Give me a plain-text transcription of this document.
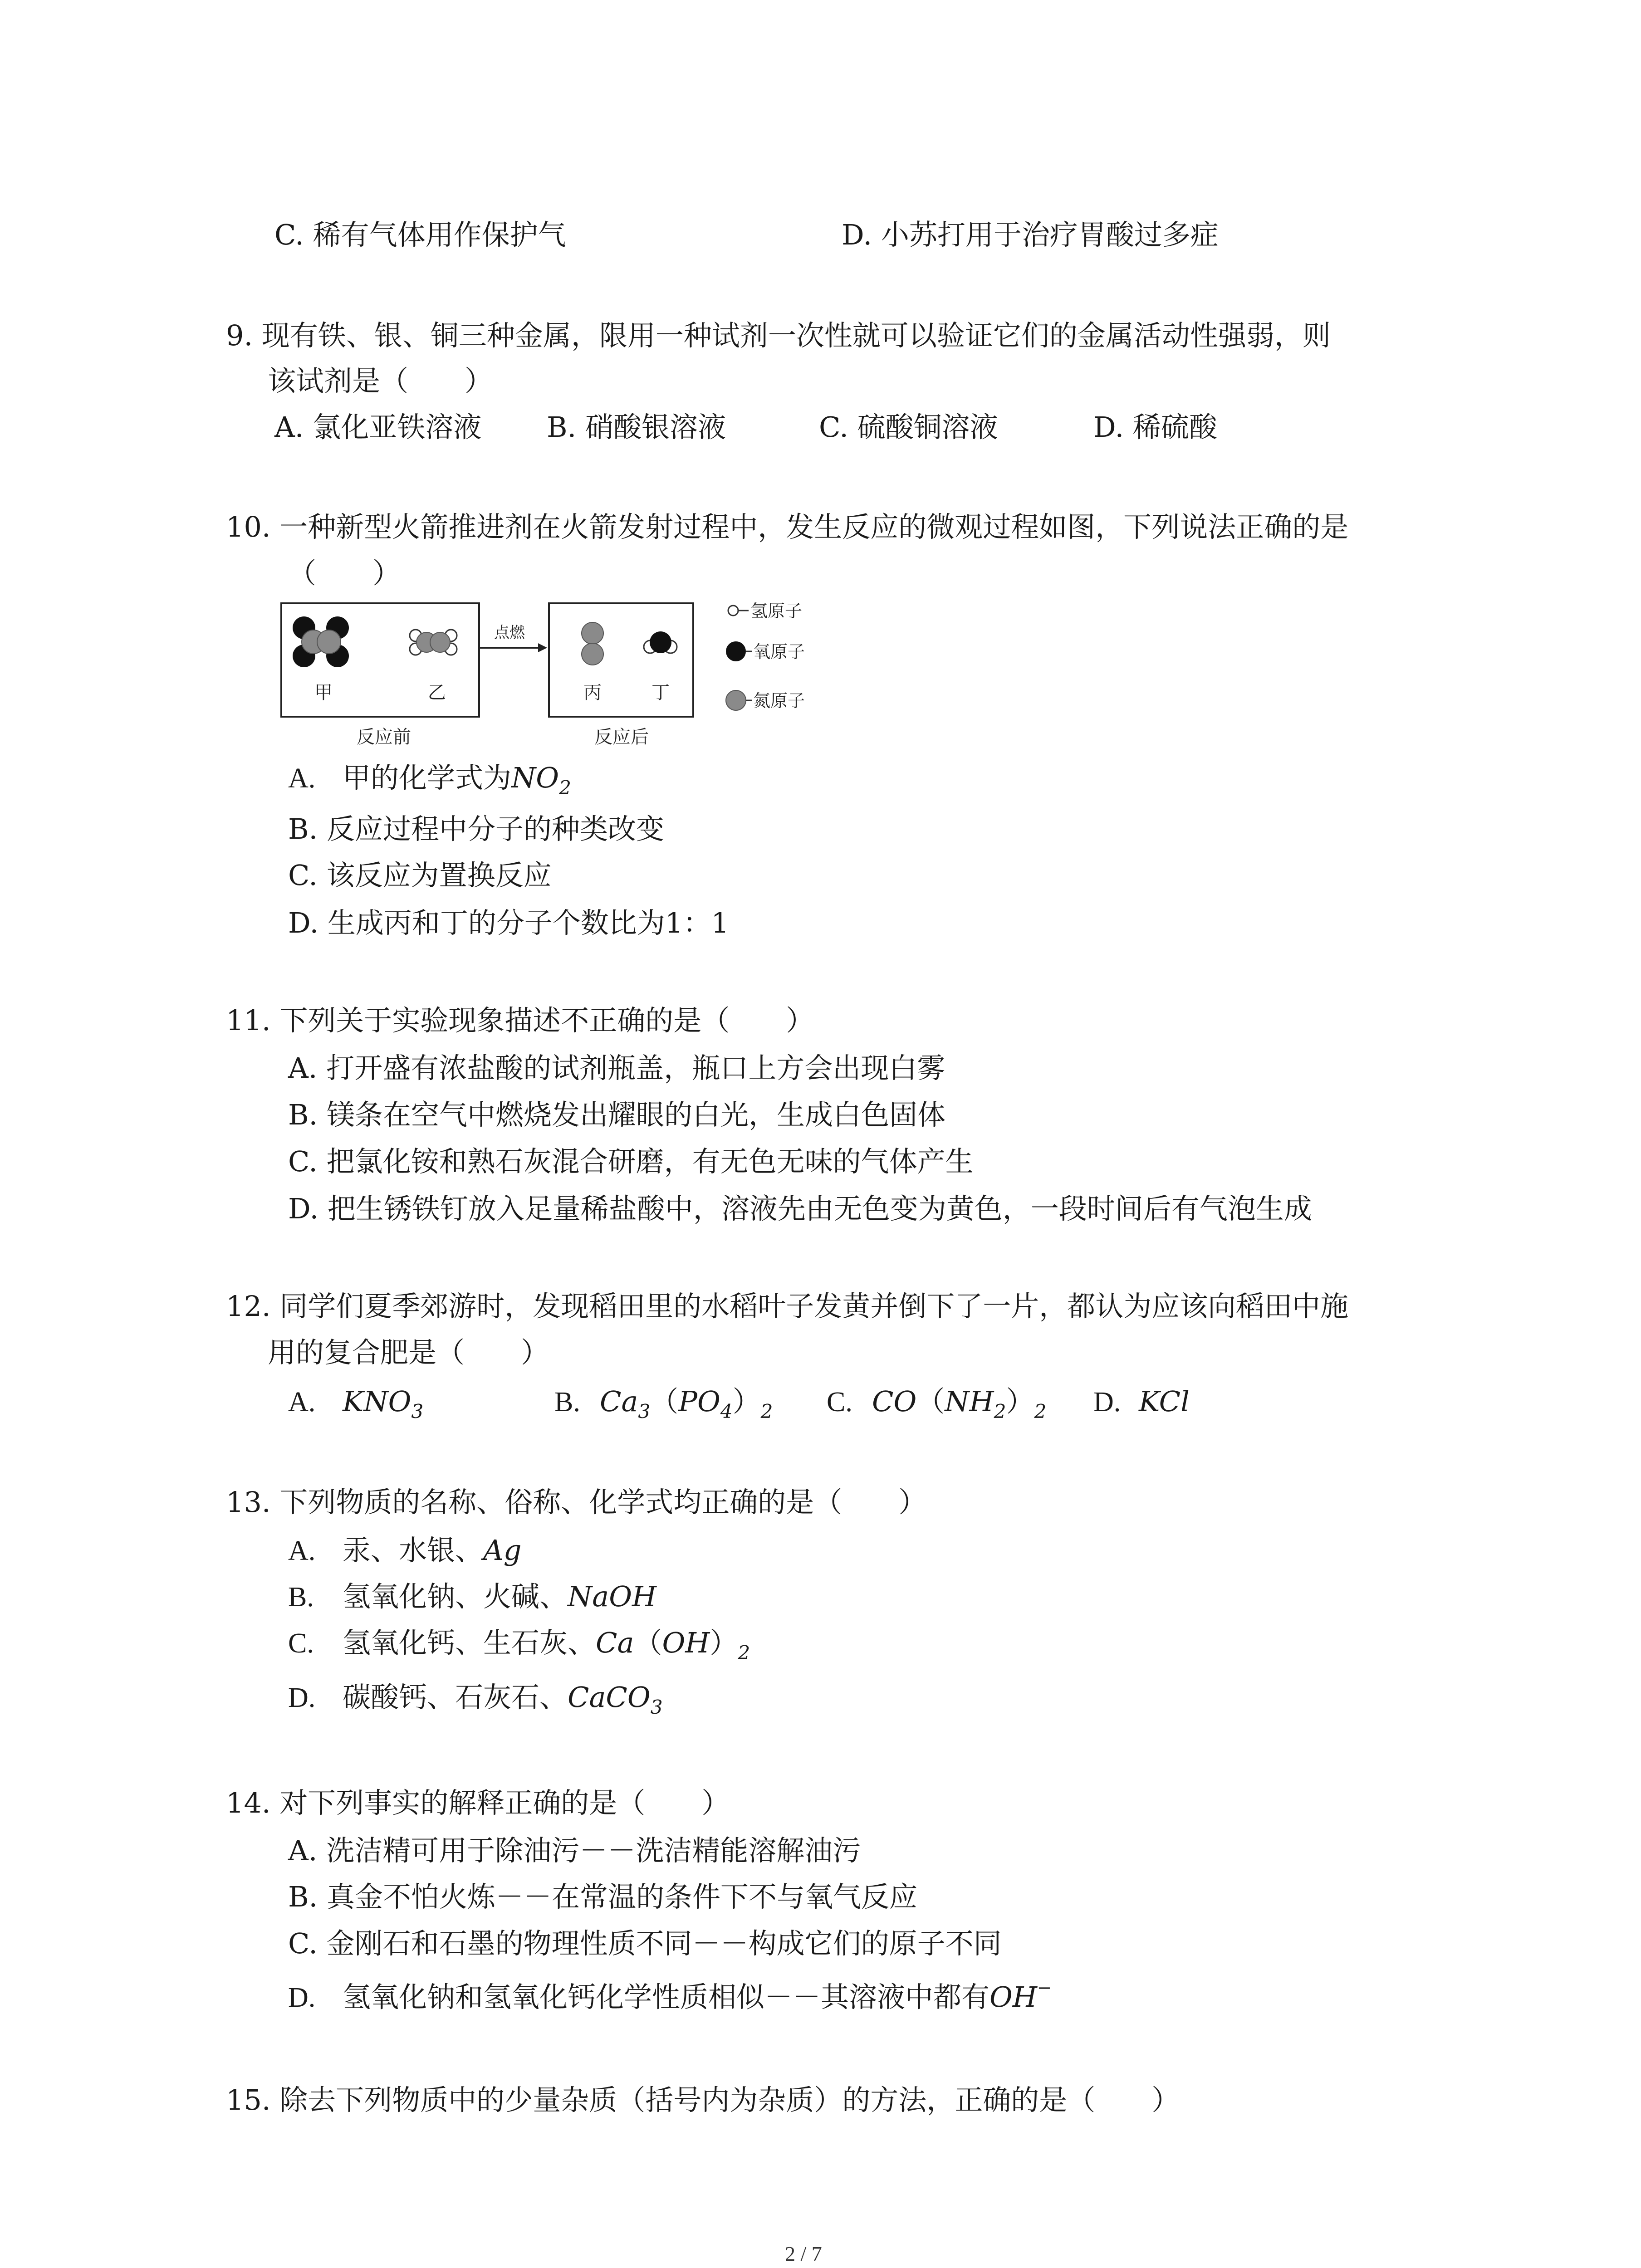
C. 稀有气体用作保护气	D. 小苏打用于治疗胃酸过多症
9. 现有铁、银、铜三种金属，限用一种试剂一次性就可以验证它们的金属活动性强弱，则
该试剂是（　　）
A. 氯化亚铁溶液 B. 硝酸银溶液	C. 硫酸铜溶液	D. 稀硫酸
10. 一种新型火箭推进剂在火箭发射过程中，发生反应的微观过程如图，下列说法正确的是
（　　）
甲	乙
点燃
丙	丁
反应前	反应后
氢原子
氧原子
氮原子
A. 甲的化学式为$NO_2$
B. 反应过程中分子的种类改变
C. 该反应为置换反应
D. 生成丙和丁的分子个数比为1：1
11. 下列关于实验现象描述不正确的是（　　）
A. 打开盛有浓盐酸的试剂瓶盖，瓶口上方会出现白雾
B. 镁条在空气中燃烧发出耀眼的白光，生成白色固体
C. 把氯化铵和熟石灰混合研磨，有无色无味的气体产生
D. 把生锈铁钉放入足量稀盐酸中，溶液先由无色变为黄色，一段时间后有气泡生成
12. 同学们夏季郊游时，发现稻田里的水稻叶子发黄并倒下了一片，都认为应该向稻田中施
用的复合肥是（　　）
A. $KNO_3$	B. $Ca_3(PO_4)_2$ C. $CO(NH_2)_2$ D. KCl
13. 下列物质的名称、俗称、化学式均正确的是（　　）
A. 汞、水银、Ag
B. 氢氧化钠、火碱、NaOH
C. 氢氧化钙、生石灰、$Ca(OH)_2$
D. 碳酸钙、石灰石、CaCO$_3$
14. 对下列事实的解释正确的是（　　）
A. 洗洁精可用于除油污－－洗洁精能溶解油污
B. 真金不怕火炼－－在常温的条件下不与氧气反应
C. 金刚石和石墨的物理性质不同－－构成它们的原子不同
D. 氢氧化钠和氢氧化钙化学性质相似－－其溶液中都有OH−
15. 除去下列物质中的少量杂质（括号内为杂质）的方法，正确的是（　　）
2 / 7
